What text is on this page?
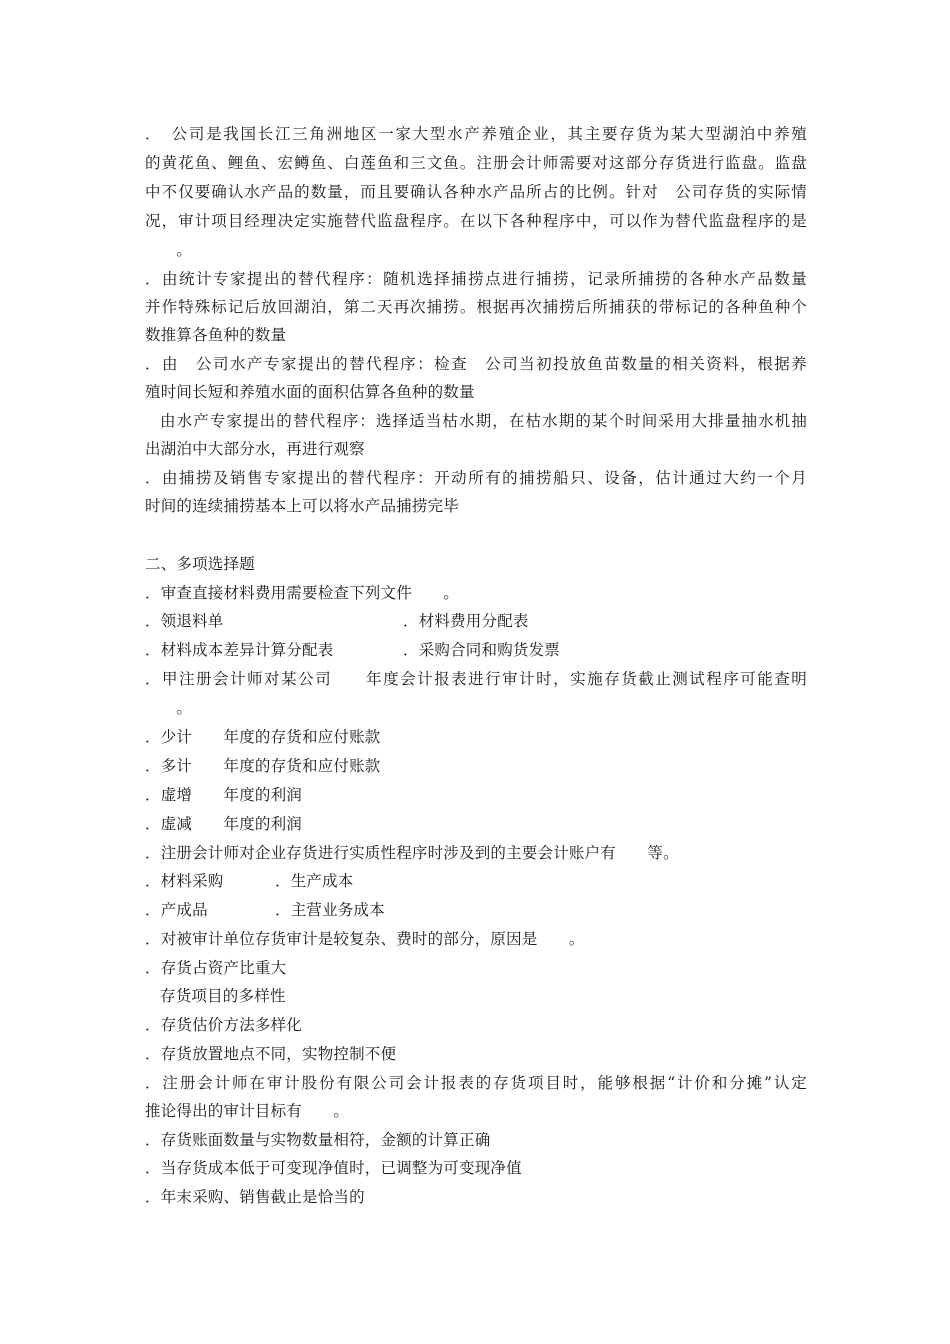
．　公司是我国长江三角洲地区一家大型水产养殖企业，其主要存货为某大型湖泊中养殖
的黄花鱼、鲤鱼、宏鳟鱼、白莲鱼和三文鱼。注册会计师需要对这部分存货进行监盘。监盘
中不仅要确认水产品的数量，而且要确认各种水产品所占的比例。针对　公司存货的实际情
况，审计项目经理决定实施替代监盘程序。在以下各种程序中，可以作为替代监盘程序的是
　　。
．由统计专家提出的替代程序：随机选择捕捞点进行捕捞，记录所捕捞的各种水产品数量
并作特殊标记后放回湖泊，第二天再次捕捞。根据再次捕捞后所捕获的带标记的各种鱼种个
数推算各鱼种的数量
．由　公司水产专家提出的替代程序：检查　公司当初投放鱼苗数量的相关资料，根据养
殖时间长短和养殖水面的面积估算各鱼种的数量
由水产专家提出的替代程序：选择适当枯水期，在枯水期的某个时间采用大排量抽水机抽
出湖泊中大部分水，再进行观察
．由捕捞及销售专家提出的替代程序：开动所有的捕捞船只、设备，估计通过大约一个月
时间的连续捕捞基本上可以将水产品捕捞完毕
二、多项选择题
．审查直接材料费用需要检查下列文件　　。
．领退料单	．材料费用分配表
．材料成本差异计算分配表	．采购合同和购货发票
．甲注册会计师对某公司　　年度会计报表进行审计时，实施存货截止测试程序可能查明
　　。
．少计　　年度的存货和应付账款
．多计　　年度的存货和应付账款
．虚增　　年度的利润
．虚减　　年度的利润
．注册会计师对企业存货进行实质性程序时涉及到的主要会计账户有　　等。
．材料采购	．生产成本
．产成品	．主营业务成本
．对被审计单位存货审计是较复杂、费时的部分，原因是　　。
．存货占资产比重大
存货项目的多样性
．存货估价方法多样化
．存货放置地点不同，实物控制不便
．注册会计师在审计股份有限公司会计报表的存货项目时，能够根据“计价和分摊”认定
推论得出的审计目标有　　。
．存货账面数量与实物数量相符，金额的计算正确
．当存货成本低于可变现净值时，已调整为可变现净值
．年末采购、销售截止是恰当的
